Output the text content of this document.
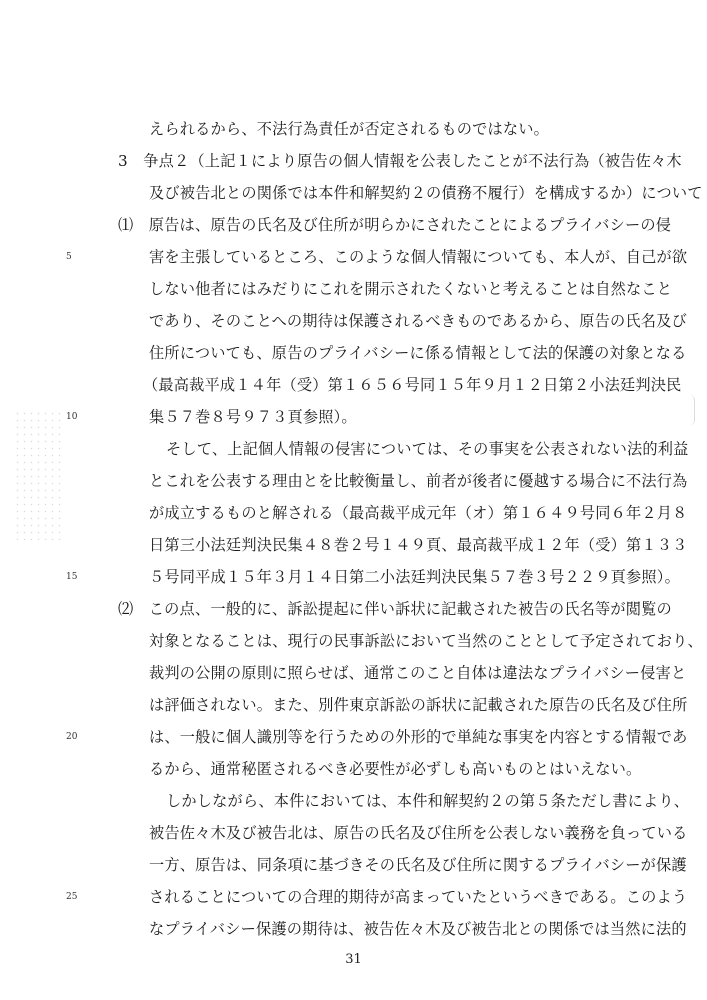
えられるから、不法行為責任が否定されるものではない。
3　争点２（上記１により原告の個人情報を公表したことが不法行為（被告佐々木
及び被告北との関係では本件和解契約２の債務不履行）を構成するか）について
⑴　原告は、原告の氏名及び住所が明らかにされたことによるプライバシーの侵
害を主張しているところ、このような個人情報についても、本人が、自己が欲
しない他者にはみだりにこれを開示されたくないと考えることは自然なこと
であり、そのことへの期待は保護されるべきものであるから、原告の氏名及び
住所についても、原告のプライバシーに係る情報として法的保護の対象となる
（最高裁平成１４年（受）第１６５６号同１５年９月１２日第２小法廷判決民
集５７巻８号９７３頁参照）。
そして、上記個人情報の侵害については、その事実を公表されない法的利益
とこれを公表する理由とを比較衡量し、前者が後者に優越する場合に不法行為
が成立するものと解される（最高裁平成元年（オ）第１６４９号同６年２月８
日第三小法廷判決民集４８巻２号１４９頁、最高裁平成１２年（受）第１３３
５号同平成１５年３月１４日第二小法廷判決民集５７巻３号２２９頁参照）。
⑵　この点、一般的に、訴訟提起に伴い訴状に記載された被告の氏名等が閲覧の
対象となることは、現行の民事訴訟において当然のこととして予定されており、
裁判の公開の原則に照らせば、通常このこと自体は違法なプライバシー侵害と
は評価されない。また、別件東京訴訟の訴状に記載された原告の氏名及び住所
は、一般に個人識別等を行うための外形的で単純な事実を内容とする情報であ
るから、通常秘匿されるべき必要性が必ずしも高いものとはいえない。
しかしながら、本件においては、本件和解契約２の第５条ただし書により、
被告佐々木及び被告北は、原告の氏名及び住所を公表しない義務を負っている
一方、原告は、同条項に基づきその氏名及び住所に関するプライバシーが保護
されることについての合理的期待が高まっていたというべきである。このよう
なプライバシー保護の期待は、被告佐々木及び被告北との関係では当然に法的
5
10
15
20
25
31
